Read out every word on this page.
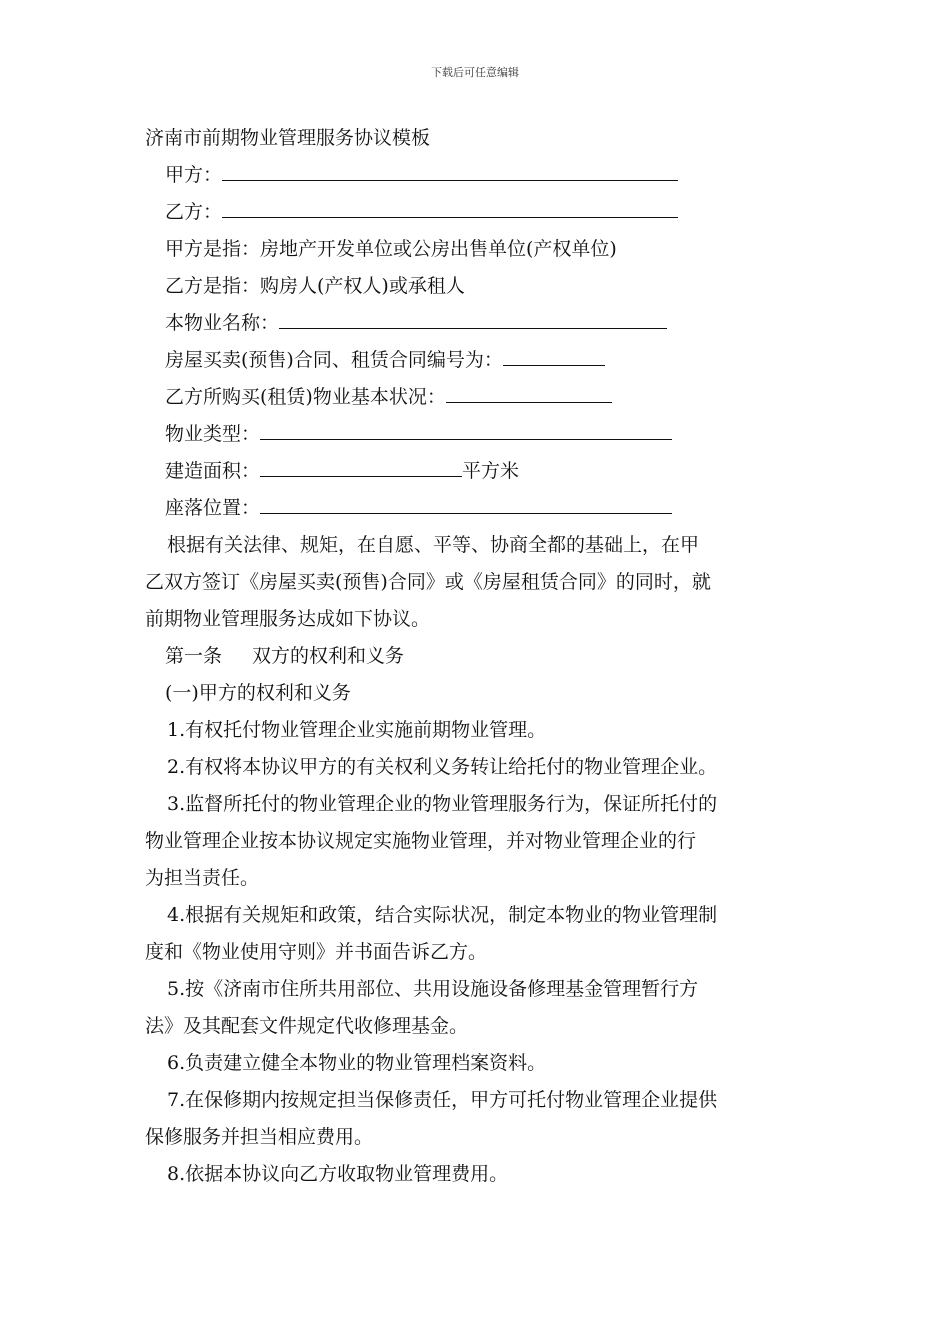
下载后可任意编辑
济南市前期物业管理服务协议模板
甲方：
乙方：
甲方是指：房地产开发单位或公房出售单位(产权单位)
乙方是指：购房人(产权人)或承租人
本物业名称：
房屋买卖(预售)合同、租赁合同编号为：
乙方所购买(租赁)物业基本状况：
物业类型：
建造面积：	平方米
座落位置：
根据有关法律、规矩，在自愿、平等、协商全都的基础上，在甲
乙双方签订《房屋买卖(预售)合同》或《房屋租赁合同》的同时，就
前期物业管理服务达成如下协议。
第一条 双方的权利和义务
(一)甲方的权利和义务
1.有权托付物业管理企业实施前期物业管理。
2.有权将本协议甲方的有关权利义务转让给托付的物业管理企业。
3.监督所托付的物业管理企业的物业管理服务行为，保证所托付的
物业管理企业按本协议规定实施物业管理，并对物业管理企业的行
为担当责任。
4.根据有关规矩和政策，结合实际状况，制定本物业的物业管理制
度和《物业使用守则》并书面告诉乙方。
5.按《济南市住所共用部位、共用设施设备修理基金管理暂行方
法》及其配套文件规定代收修理基金。
6.负责建立健全本物业的物业管理档案资料。
7.在保修期内按规定担当保修责任，甲方可托付物业管理企业提供
保修服务并担当相应费用。
8.依据本协议向乙方收取物业管理费用。
